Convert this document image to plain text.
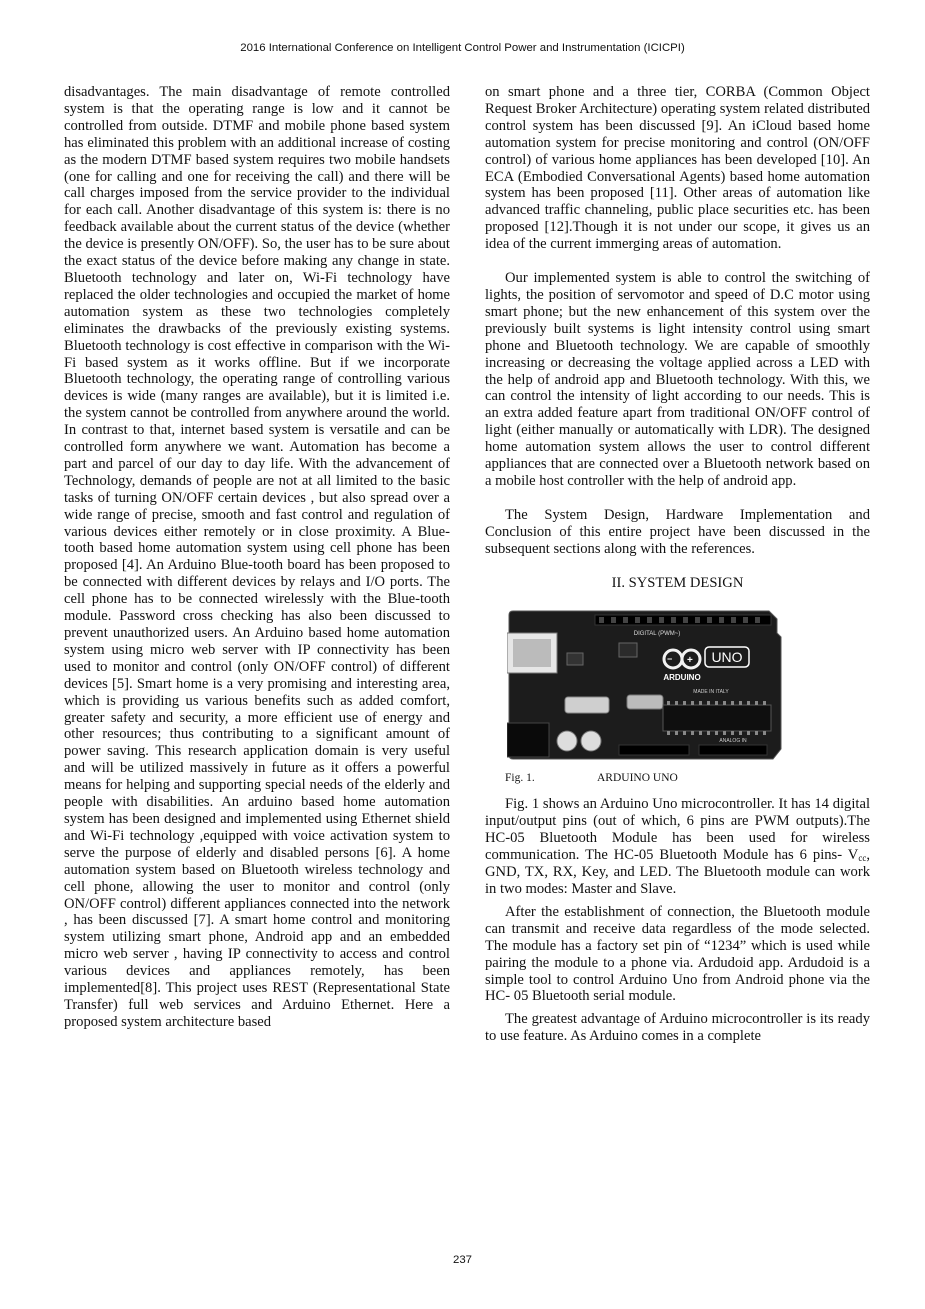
2016 International Conference on Intelligent Control Power and Instrumentation (ICICPI)

disadvantages. The main disadvantage of remote controlled system is that the operating range is low and it cannot be controlled from outside. DTMF and mobile phone based system has eliminated this problem with an additional increase of costing as the modern DTMF based system requires two mobile handsets (one for calling and one for receiving the call) and there will be call charges imposed from the service provider to the individual for each call. Another disadvantage of this system is: there is no feedback available about the current status of the device (whether the device is presently ON/OFF). So, the user has to be sure about the exact status of the device before making any change in state. Bluetooth technology and later on, Wi-Fi technology have replaced the older technologies and occupied the market of home automation system as these two technologies completely eliminates the drawbacks of the previously existing systems. Bluetooth technology is cost effective in comparison with the Wi-Fi based system as it works offline. But if we incorporate Bluetooth technology, the operating range of controlling various devices is wide (many ranges are available), but it is limited i.e. the system cannot be controlled from anywhere around the world. In contrast to that, internet based system is versatile and can be controlled form anywhere we want. Automation has become a part and parcel of our day to day life. With the advancement of Technology, demands of people are not at all limited to the basic tasks of turning ON/OFF certain devices , but also spread over a wide range of precise, smooth and fast control and regulation of various devices either remotely or in close proximity. A Blue-tooth based home automation system using cell phone has been proposed [4]. An Arduino Blue-tooth board has been proposed to be connected with different devices by relays and I/O ports. The cell phone has to be connected wirelessly with the Blue-tooth module. Password cross checking has also been discussed to prevent unauthorized users. An Arduino based home automation system using micro web server with IP connectivity has been used to monitor and control (only ON/OFF control) of different devices [5]. Smart home is a very promising and interesting area, which is providing us various benefits such as added comfort, greater safety and security, a more efficient use of energy and other resources; thus contributing to a significant amount of power saving. This research application domain is very useful and will be utilized massively in future as it offers a powerful means for helping and supporting special needs of the elderly and people with disabilities. An arduino based home automation system has been designed and implemented using Ethernet shield and Wi-Fi technology ,equipped with voice activation system to serve the purpose of elderly and disabled persons [6]. A home automation system based on Bluetooth wireless technology and cell phone, allowing the user to monitor and control (only ON/OFF control) different appliances connected into the network , has been discussed [7]. A smart home control and monitoring system utilizing smart phone, Android app and an embedded micro web server , having IP connectivity to access and control various devices and appliances remotely, has been implemented[8]. This project uses REST (Representational State Transfer) full web services and Arduino Ethernet. Here a proposed system architecture based

on smart phone and a three tier, CORBA (Common Object Request Broker Architecture) operating system related distributed control system has been discussed [9]. An iCloud based home automation system for precise monitoring and control (ON/OFF control) of various home appliances has been developed [10]. An ECA (Embodied Conversational Agents) based home automation system has been proposed [11]. Other areas of automation like advanced traffic channeling, public place securities etc. has been proposed [12].Though it is not under our scope, it gives us an idea of the current immerging areas of automation.

Our implemented system is able to control the switching of lights, the position of servomotor and speed of D.C motor using smart phone; but the new enhancement of this system over the previously built systems is light intensity control using smart phone and Bluetooth technology. We are capable of smoothly increasing or decreasing the voltage applied across a LED with the help of android app and Bluetooth technology. With this, we can control the intensity of light according to our needs. This is an extra added feature apart from traditional ON/OFF control of light (either manually or automatically with LDR). The designed home automation system allows the user to control different appliances that are connected over a Bluetooth network based on a mobile host controller with the help of android app.

The System Design, Hardware Implementation and Conclusion of this entire project have been discussed in the subsequent sections along with the references.

II. SYSTEM DESIGN

DIGITAL (PWM~)
− +
ARDUINO
UNO
MADE IN ITALY
ANALOG IN
Fig. 1.	ARDUINO UNO

Fig. 1 shows an Arduino Uno microcontroller. It has 14 digital input/output pins (out of which, 6 pins are PWM outputs).The HC-05 Bluetooth Module has been used for wireless communication. The HC-05 Bluetooth Module has 6 pins- $V_{cc}$, GND, TX, RX, Key, and LED. The Bluetooth module can work in two modes: Master and Slave.

After the establishment of connection, the Bluetooth module can transmit and receive data regardless of the mode selected. The module has a factory set pin of “1234” which is used while pairing the module to a phone via. Ardudoid app. Ardudoid is a simple tool to control Arduino Uno from Android phone via the HC- 05 Bluetooth serial module.

The greatest advantage of Arduino microcontroller is its ready to use feature. As Arduino comes in a complete

237
